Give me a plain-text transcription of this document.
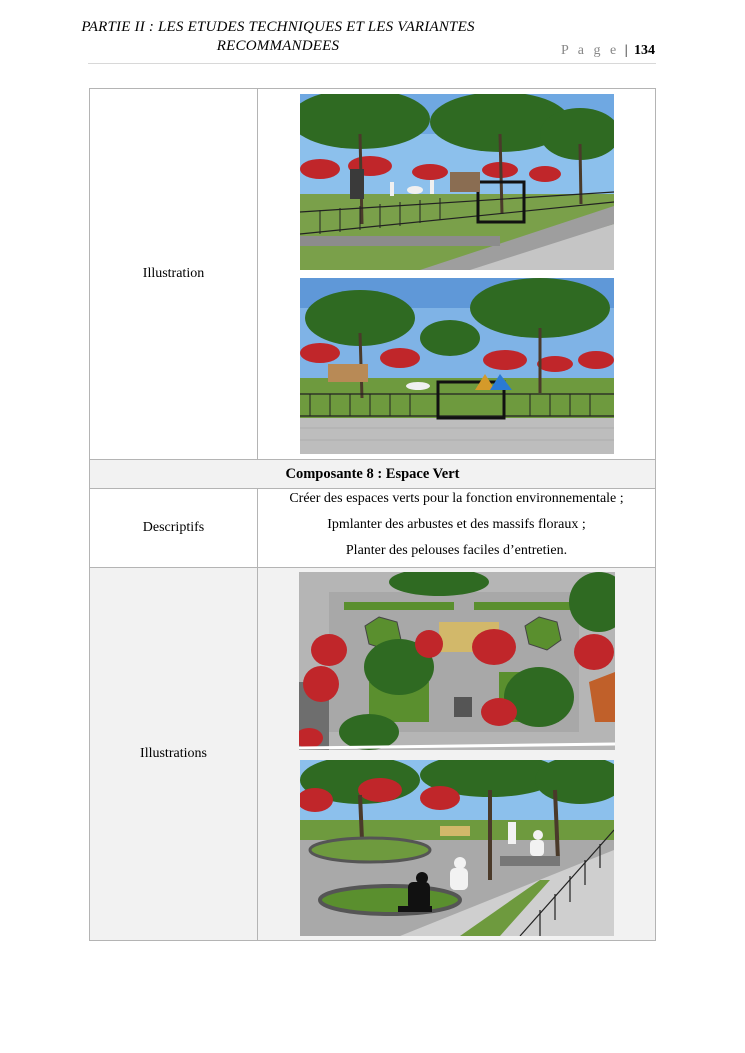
PARTIE II : LES ETUDES TECHNIQUES ET LES VARIANTES
RECOMMANDEES	P a g e | 134
Illustration	

Composante 8 : Espace Vert	
Descriptifs	Créer des espaces verts pour la fonction environnementale ;
Ipmlanter des arbustes et des massifs floraux ;
Planter des pelouses faciles d’entretien.

Illustrations	
